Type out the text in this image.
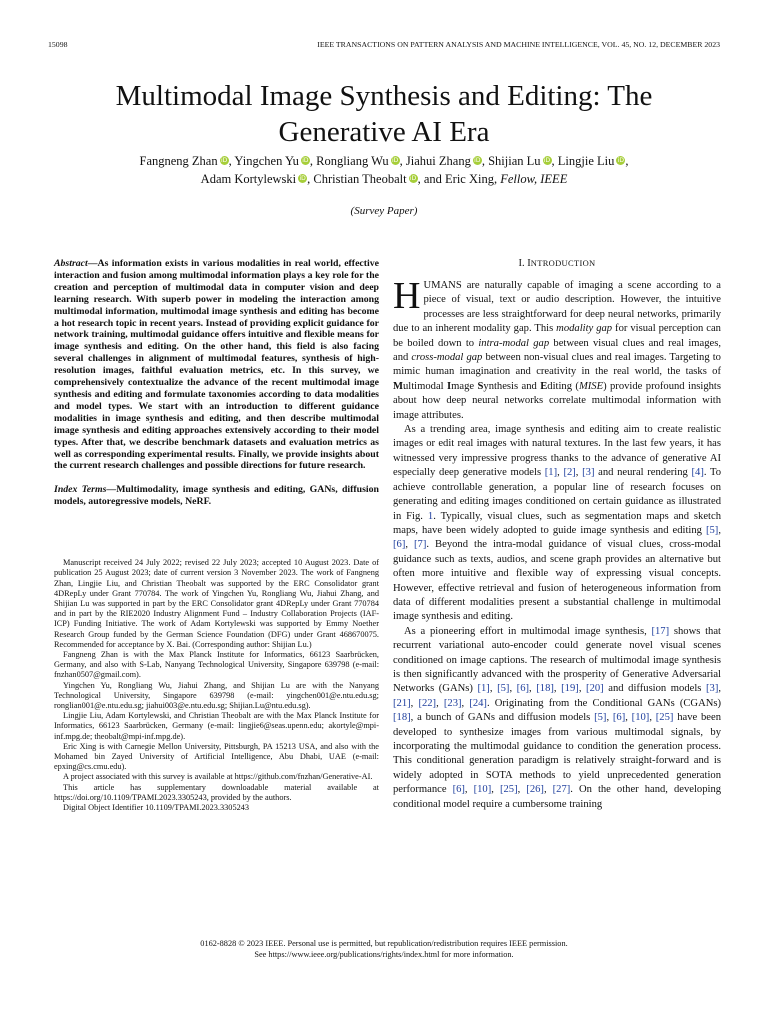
15098	IEEE TRANSACTIONS ON PATTERN ANALYSIS AND MACHINE INTELLIGENCE, VOL. 45, NO. 12, DECEMBER 2023
Multimodal Image Synthesis and Editing: The Generative AI Era
Fangneng Zhan iD, Yingchen Yu iD, Rongliang Wu iD, Jiahui Zhang iD, Shijian Lu iD, Lingjie Liu iD,
Adam Kortylewski iD, Christian Theobalt iD, and Eric Xing, Fellow, IEEE
(Survey Paper)

Abstract—As information exists in various modalities in real world, effective interaction and fusion among multimodal information plays a key role for the creation and perception of multimodal data in computer vision and deep learning research. With superb power in modeling the interaction among multimodal information, multimodal image synthesis and editing has become a hot research topic in recent years. Instead of providing explicit guidance for network training, multimodal guidance offers intuitive and flexible means for image synthesis and editing. On the other hand, this field is also facing several challenges in alignment of multimodal features, synthesis of high-resolution images, faithful evaluation metrics, etc. In this survey, we comprehensively contextualize the advance of the recent multimodal image synthesis and editing and formulate taxonomies according to data modalities and model types. We start with an introduction to different guidance modalities in image synthesis and editing, and then describe multimodal image synthesis and editing approaches extensively according to their model types. After that, we describe benchmark datasets and evaluation metrics as well as corresponding experimental results. Finally, we provide insights about the current research challenges and possible directions for future research.

Index Terms—Multimodality, image synthesis and editing, GANs, diffusion models, autoregressive models, NeRF.

Manuscript received 24 July 2022; revised 22 July 2023; accepted 10 August 2023. Date of publication 25 August 2023; date of current version 3 November 2023. The work of Fangneng Zhan, Lingjie Liu, and Christian Theobalt was supported by the ERC Consolidator grant 4DRepLy under Grant 770784. The work of Yingchen Yu, Rongliang Wu, Jiahui Zhang, and Shijian Lu was supported in part by the ERC Consolidator grant 4DRepLy under Grant 770784 and in part by the RIE2020 Industry Alignment Fund – Industry Collaboration Projects (IAF-ICP) Funding Initiative. The work of Adam Kortylewski was supported by Emmy Noether Research Group funded by the German Science Foundation (DFG) under Grant 468670075. Recommended for acceptance by X. Bai. (Corresponding author: Shijian Lu.)

Fangneng Zhan is with the Max Planck Institute for Informatics, 66123 Saarbrücken, Germany, and also with S-Lab, Nanyang Technological University, Singapore 639798 (e-mail: fnzhan0507@gmail.com).

Yingchen Yu, Rongliang Wu, Jiahui Zhang, and Shijian Lu are with the Nanyang Technological University, Singapore 639798 (e-mail: yingchen001@e.ntu.edu.sg; ronglian001@e.ntu.edu.sg; jiahui003@e.ntu.edu.sg; Shijian.Lu@ntu.edu.sg).

Lingjie Liu, Adam Kortylewski, and Christian Theobalt are with the Max Planck Institute for Informatics, 66123 Saarbrücken, Germany (e-mail: lingjie6@seas.upenn.edu; akortyle@mpi-inf.mpg.de; theobalt@mpi-inf.mpg.de).

Eric Xing is with Carnegie Mellon University, Pittsburgh, PA 15213 USA, and also with the Mohamed bin Zayed University of Artificial Intelligence, Abu Dhabi, UAE (e-mail: epxing@cs.cmu.edu).

A project associated with this survey is available at https://github.com/fnzhan/Generative-AI.

This article has supplementary downloadable material available at https://doi.org/10.1109/TPAMI.2023.3305243, provided by the authors.

Digital Object Identifier 10.1109/TPAMI.2023.3305243

I. INTRODUCTION

HUMANS are naturally capable of imaging a scene according to a piece of visual, text or audio description. However, the intuitive processes are less straightforward for deep neural networks, primarily due to an inherent modality gap. This modality gap for visual perception can be boiled down to intra-modal gap between visual clues and real images, and cross-modal gap between non-visual clues and real images. Targeting to mimic human imagination and creativity in the real world, the tasks of Multimodal Image Synthesis and Editing (MISE) provide profound insights about how deep neural networks correlate multimodal information with image attributes.

As a trending area, image synthesis and editing aim to create realistic images or edit real images with natural textures. In the last few years, it has witnessed very impressive progress thanks to the advance of generative AI especially deep generative models [1], [2], [3] and neural rendering [4]. To achieve controllable generation, a popular line of research focuses on generating and editing images conditioned on certain guidance as illustrated in Fig. 1. Typically, visual clues, such as segmentation maps and sketch maps, have been widely adopted to guide image synthesis and editing [5], [6], [7]. Beyond the intra-modal guidance of visual clues, cross-modal guidance such as texts, audios, and scene graph provides an alternative but often more intuitive and flexible way of expressing visual concepts. However, effective retrieval and fusion of heterogeneous information from data of different modalities present a substantial challenge in multimodal image synthesis and editing.

As a pioneering effort in multimodal image synthesis, [17] shows that recurrent variational auto-encoder could generate novel visual scenes conditioned on image captions. The research of multimodal image synthesis is then significantly advanced with the prosperity of Generative Adversarial Networks (GANs) [1], [5], [6], [18], [19], [20] and diffusion models [3], [21], [22], [23], [24]. Originating from the Conditional GANs (CGANs) [18], a bunch of GANs and diffusion models [5], [6], [10], [25] have been developed to synthesize images from various multimodal signals, by incorporating the multimodal guidance to condition the generation process. This conditional generation paradigm is relatively straight-forward and is widely adopted in SOTA methods to yield unprecedented generation performance [6], [10], [25], [26], [27]. On the other hand, developing conditional model require a cumbersome training

0162-8828 © 2023 IEEE. Personal use is permitted, but republication/redistribution requires IEEE permission.
See https://www.ieee.org/publications/rights/index.html for more information.
